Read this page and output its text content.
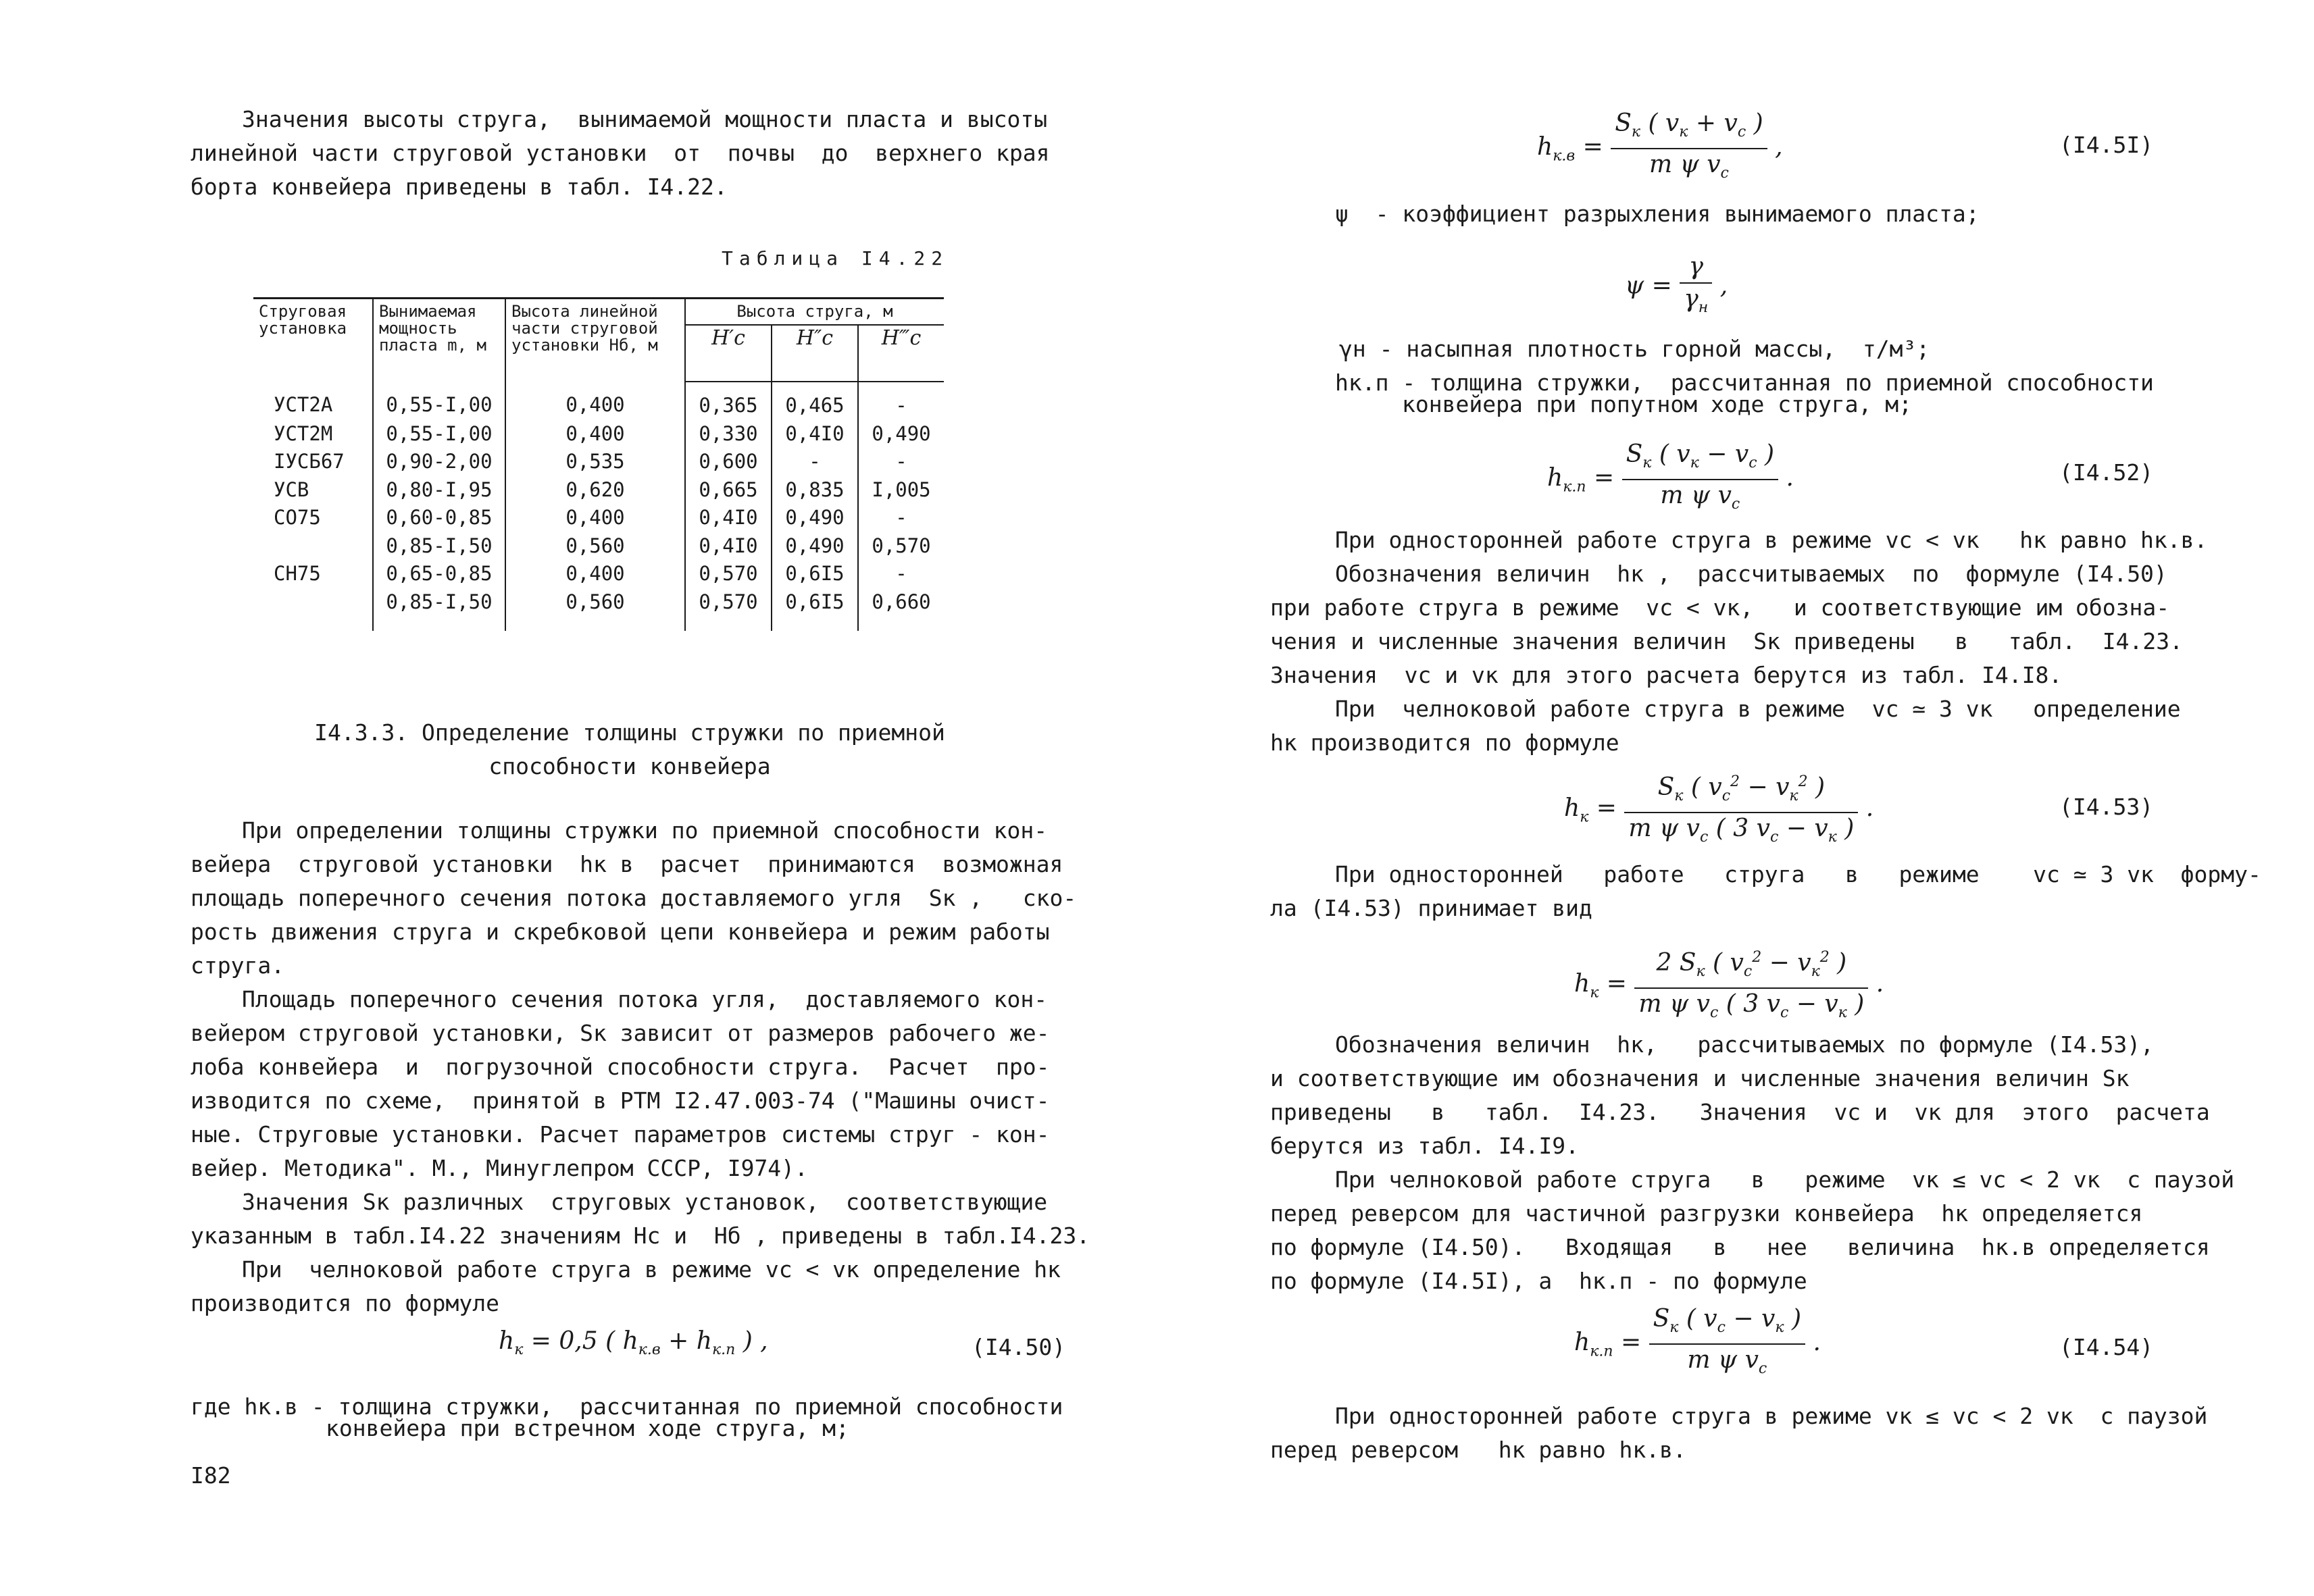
Значения высоты струга,  вынимаемой мощности пласта и высоты
линейной части струговой установки  от  почвы  до  верхнего края
борта конвейера приведены в табл. I4.22.
Таблица I4.22
Струговая установка	Вынимаемая мощность пласта m, м	Высота линейной части струговой установки Нб, м	Высота струга, м		
			H′c	H″c	H‴c
УСТ2А	0,55-I,00	0,400	0,365	0,465	-
УСТ2М	0,55-I,00	0,400	0,330	0,4I0	0,490
IУСБ67	0,90-2,00	0,535	0,600	-	-
УСВ	0,80-I,95	0,620	0,665	0,835	I,005
СО75	0,60-0,85	0,400	0,4I0	0,490	-
	0,85-I,50	0,560	0,4I0	0,490	0,570
СН75	0,65-0,85	0,400	0,570	0,6I5	-
	0,85-I,50	0,560	0,570	0,6I5	0,660
I4.3.3. Определение толщины стружки по приемной
способности конвейера
При определении толщины стружки по приемной способности кон-
вейера  струговой установки  hк в  расчет  принимаются  возможная
площадь поперечного сечения потока доставляемого угля  Sк ,   ско-
рость движения струга и скребковой цепи конвейера и режим работы
струга.
Площадь поперечного сечения потока угля,  доставляемого кон-
вейером струговой установки, Sк зависит от размеров рабочего же-
лоба конвейера  и  погрузочной способности струга.  Расчет  про-
изводится по схеме,  принятой в РТМ I2.47.003-74 ("Машины очист-
ные. Струговые установки. Расчет параметров системы струг - кон-
вейер. Методика". М., Минуглепром СССР, I974).
Значения Sк различных  струговых установок,  соответствующие
указанным в табл.I4.22 значениям Нс и  Нб , приведены в табл.I4.23.
При  челноковой работе струга в режиме vс < vк определение hк
производится по формуле
$h_к = 0,5$ ( $h_{к.в} + h_{к.п}$ ) ,	(I4.50)
где hк.в - толщина стружки,  рассчитанная по приемной способности
конвейера при встречном ходе струга, м;
I82
$h_{к.в} = \frac{S_к ( v_к + v_с )}{m \psi v_с}$ ,	(I4.5I)
ψ  - коэффициент разрыхления вынимаемого пласта;
$\psi = \frac{\gamma}{\gamma_н}$ ,
γн - насыпная плотность горной массы,  т/м³;
hк.п - толщина стружки,  рассчитанная по приемной способности
конвейера при попутном ходе струга, м;
$h_{к.п} = \frac{S_к ( v_к - v_с )}{m \psi v_с}$ .	(I4.52)
При односторонней работе струга в режиме vс < vк   hк равно hк.в.
Обозначения величин  hк ,  рассчитываемых  по  формуле (I4.50)
при работе струга в режиме  vс < vк,   и соответствующие им обозна-
чения и численные значения величин  Sк приведены   в   табл.  I4.23.
Значения  vс и vк для этого расчета берутся из табл. I4.I8.
При  челноковой работе струга в режиме  vс ≃ 3 vк   определение
hк производится по формуле
$h_к = \frac{S_к ( v_с^2 - v_к^2 )}{m \psi v_с ( 3 v_с - v_к )}$ .	(I4.53)
При односторонней   работе   струга   в   режиме    vс ≃ 3 vк  форму-
ла (I4.53) принимает вид
$h_к = \frac{2 S_к ( v_с^2 - v_к^2 )}{m \psi v_с ( 3 v_с - v_к )}$ .
Обозначения величин  hк,   рассчитываемых по формуле (I4.53),
и соответствующие им обозначения и численные значения величин Sк
приведены   в   табл.  I4.23.   Значения  vс и  vк для  этого  расчета
берутся из табл. I4.I9.
При челноковой работе струга   в   режиме  vк ≤ vс < 2 vк  с паузой
перед реверсом для частичной разгрузки конвейера  hк определяется
по формуле (I4.50).   Входящая   в   нее   величина  hк.в определяется
по формуле (I4.5I), а  hк.п - по формуле
$h_{к.п} = \frac{S_к ( v_с - v_к )}{m \psi v_с}$ .	(I4.54)
При односторонней работе струга в режиме vк ≤ vс < 2 vк  с паузой
перед реверсом   hк равно hк.в.
